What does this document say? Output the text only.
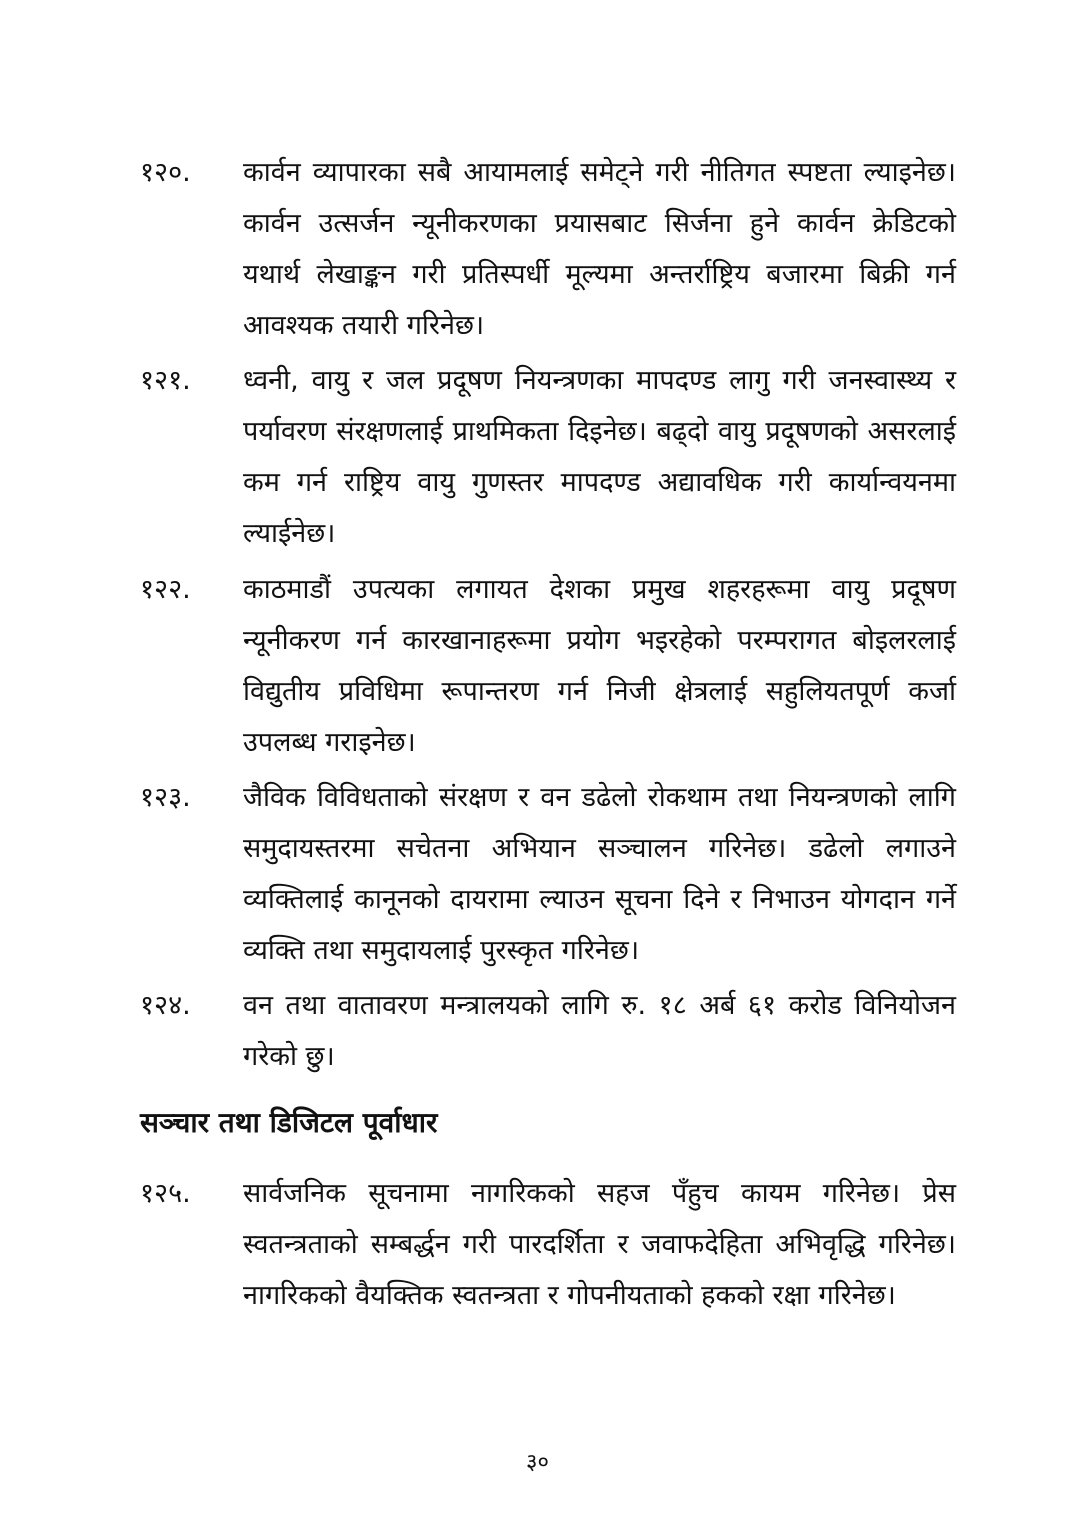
१२०.	कार्वन व्यापारका सबै आयामलाई समेट्ने गरी नीतिगत स्पष्टता ल्याइनेछ। कार्वन उत्सर्जन न्यूनीकरणका प्रयासबाट सिर्जना हुने कार्वन क्रेडिटको यथार्थ लेखाङ्कन गरी प्रतिस्पर्धी मूल्यमा अन्तर्राष्ट्रिय बजारमा बिक्री गर्न आवश्यक तयारी गरिनेछ।
१२१.	ध्वनी, वायु र जल प्रदूषण नियन्त्रणका मापदण्ड लागु गरी जनस्वास्थ्य र पर्यावरण संरक्षणलाई प्राथमिकता दिइनेछ। बढ्दो वायु प्रदूषणको असरलाई कम गर्न राष्ट्रिय वायु गुणस्तर मापदण्ड अद्यावधिक गरी कार्यान्वयनमा ल्याईनेछ।
१२२.	काठमाडौं उपत्यका लगायत देशका प्रमुख शहरहरूमा वायु प्रदूषण न्यूनीकरण गर्न कारखानाहरूमा प्रयोग भइरहेको परम्परागत बोइलरलाई विद्युतीय प्रविधिमा रूपान्तरण गर्न निजी क्षेत्रलाई सहुलियतपूर्ण कर्जा उपलब्ध गराइनेछ।
१२३.	जैविक विविधताको संरक्षण र वन डढेलो रोकथाम तथा नियन्त्रणको लागि समुदायस्तरमा सचेतना अभियान सञ्चालन गरिनेछ। डढेलो लगाउने व्यक्तिलाई कानूनको दायरामा ल्याउन सूचना दिने र निभाउन योगदान गर्ने व्यक्ति तथा समुदायलाई पुरस्कृत गरिनेछ।
१२४.	वन तथा वातावरण मन्त्रालयको लागि रु. १८ अर्ब ६१ करोड विनियोजन गरेको छु।
सञ्चार तथा डिजिटल पूर्वाधार
१२५.	सार्वजनिक सूचनामा नागरिकको सहज पँहुच कायम गरिनेछ। प्रेस स्वतन्त्रताको सम्बर्द्धन गरी पारदर्शिता र जवाफदेहिता अभिवृद्धि गरिनेछ। नागरिकको वैयक्तिक स्वतन्त्रता र गोपनीयताको हकको रक्षा गरिनेछ।
३०
